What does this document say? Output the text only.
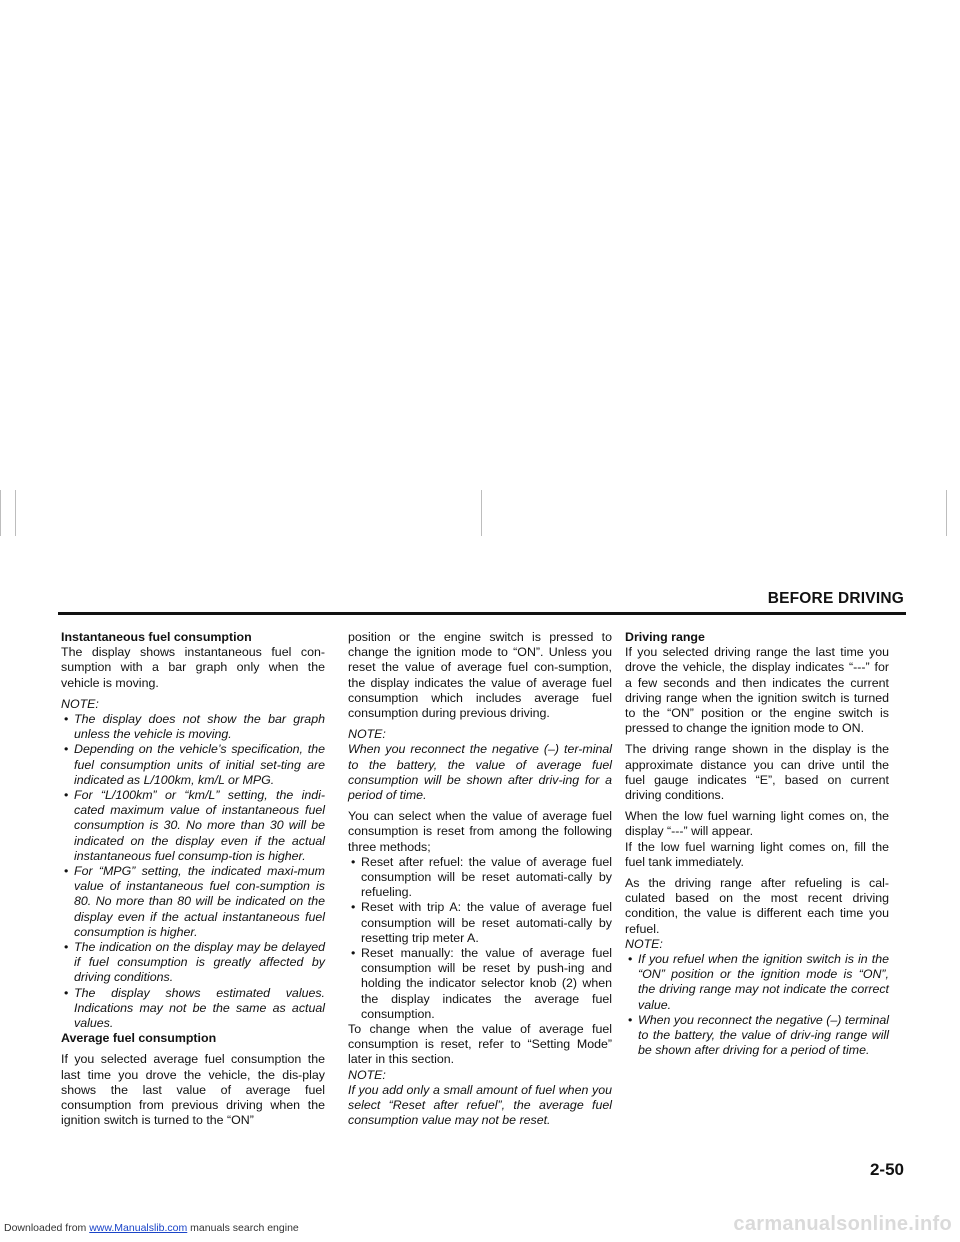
BEFORE DRIVING

Instantaneous fuel consumption

The display shows instantaneous fuel con-sumption with a bar graph only when the vehicle is moving.

NOTE:

• The display does not show the bar graph unless the vehicle is moving.
• Depending on the vehicle’s specification, the fuel consumption units of initial set-ting are indicated as L/100km, km/L or MPG.
• For “L/100km” or “km/L” setting, the indi-cated maximum value of instantaneous fuel consumption is 30. No more than 30 will be indicated on the display even if the actual instantaneous fuel consump-tion is higher.
• For “MPG” setting, the indicated maxi-mum value of instantaneous fuel con-sumption is 80. No more than 80 will be indicated on the display even if the actual instantaneous fuel consumption is higher.
• The indication on the display may be delayed if fuel consumption is greatly affected by driving conditions.
• The display shows estimated values. Indications may not be the same as actual values.

Average fuel consumption

If you selected average fuel consumption the last time you drove the vehicle, the dis-play shows the last value of average fuel consumption from previous driving when the ignition switch is turned to the “ON”

position or the engine switch is pressed to change the ignition mode to “ON”. Unless you reset the value of average fuel con-sumption, the display indicates the value of average fuel consumption which includes average fuel consumption during previous driving.

NOTE:

When you reconnect the negative (–) ter-minal to the battery, the value of average fuel consumption will be shown after driv-ing for a period of time.

You can select when the value of average fuel consumption is reset from among the following three methods;

• Reset after refuel: the value of average fuel consumption will be reset automati-cally by refueling.
• Reset with trip A: the value of average fuel consumption will be reset automati-cally by resetting trip meter A.
• Reset manually: the value of average fuel consumption will be reset by push-ing and holding the indicator selector knob (2) when the display indicates the average fuel consumption.

To change when the value of average fuel consumption is reset, refer to “Setting Mode” later in this section.

NOTE:

If you add only a small amount of fuel when you select “Reset after refuel”, the average fuel consumption value may not be reset.

Driving range

If you selected driving range the last time you drove the vehicle, the display indicates “---” for a few seconds and then indicates the current driving range when the ignition switch is turned to the “ON” position or the engine switch is pressed to change the ignition mode to ON.

The driving range shown in the display is the approximate distance you can drive until the fuel gauge indicates “E”, based on current driving conditions.

When the low fuel warning light comes on, the display “---” will appear.

If the low fuel warning light comes on, fill the fuel tank immediately.

As the driving range after refueling is cal-culated based on the most recent driving condition, the value is different each time you refuel.

NOTE:

• If you refuel when the ignition switch is in the “ON” position or the ignition mode is “ON”, the driving range may not indicate the correct value.
• When you reconnect the negative (–) terminal to the battery, the value of driv-ing range will be shown after driving for a period of time.
2-50
Downloaded from www.Manualslib.com manuals search engine	carmanualsonline.info
